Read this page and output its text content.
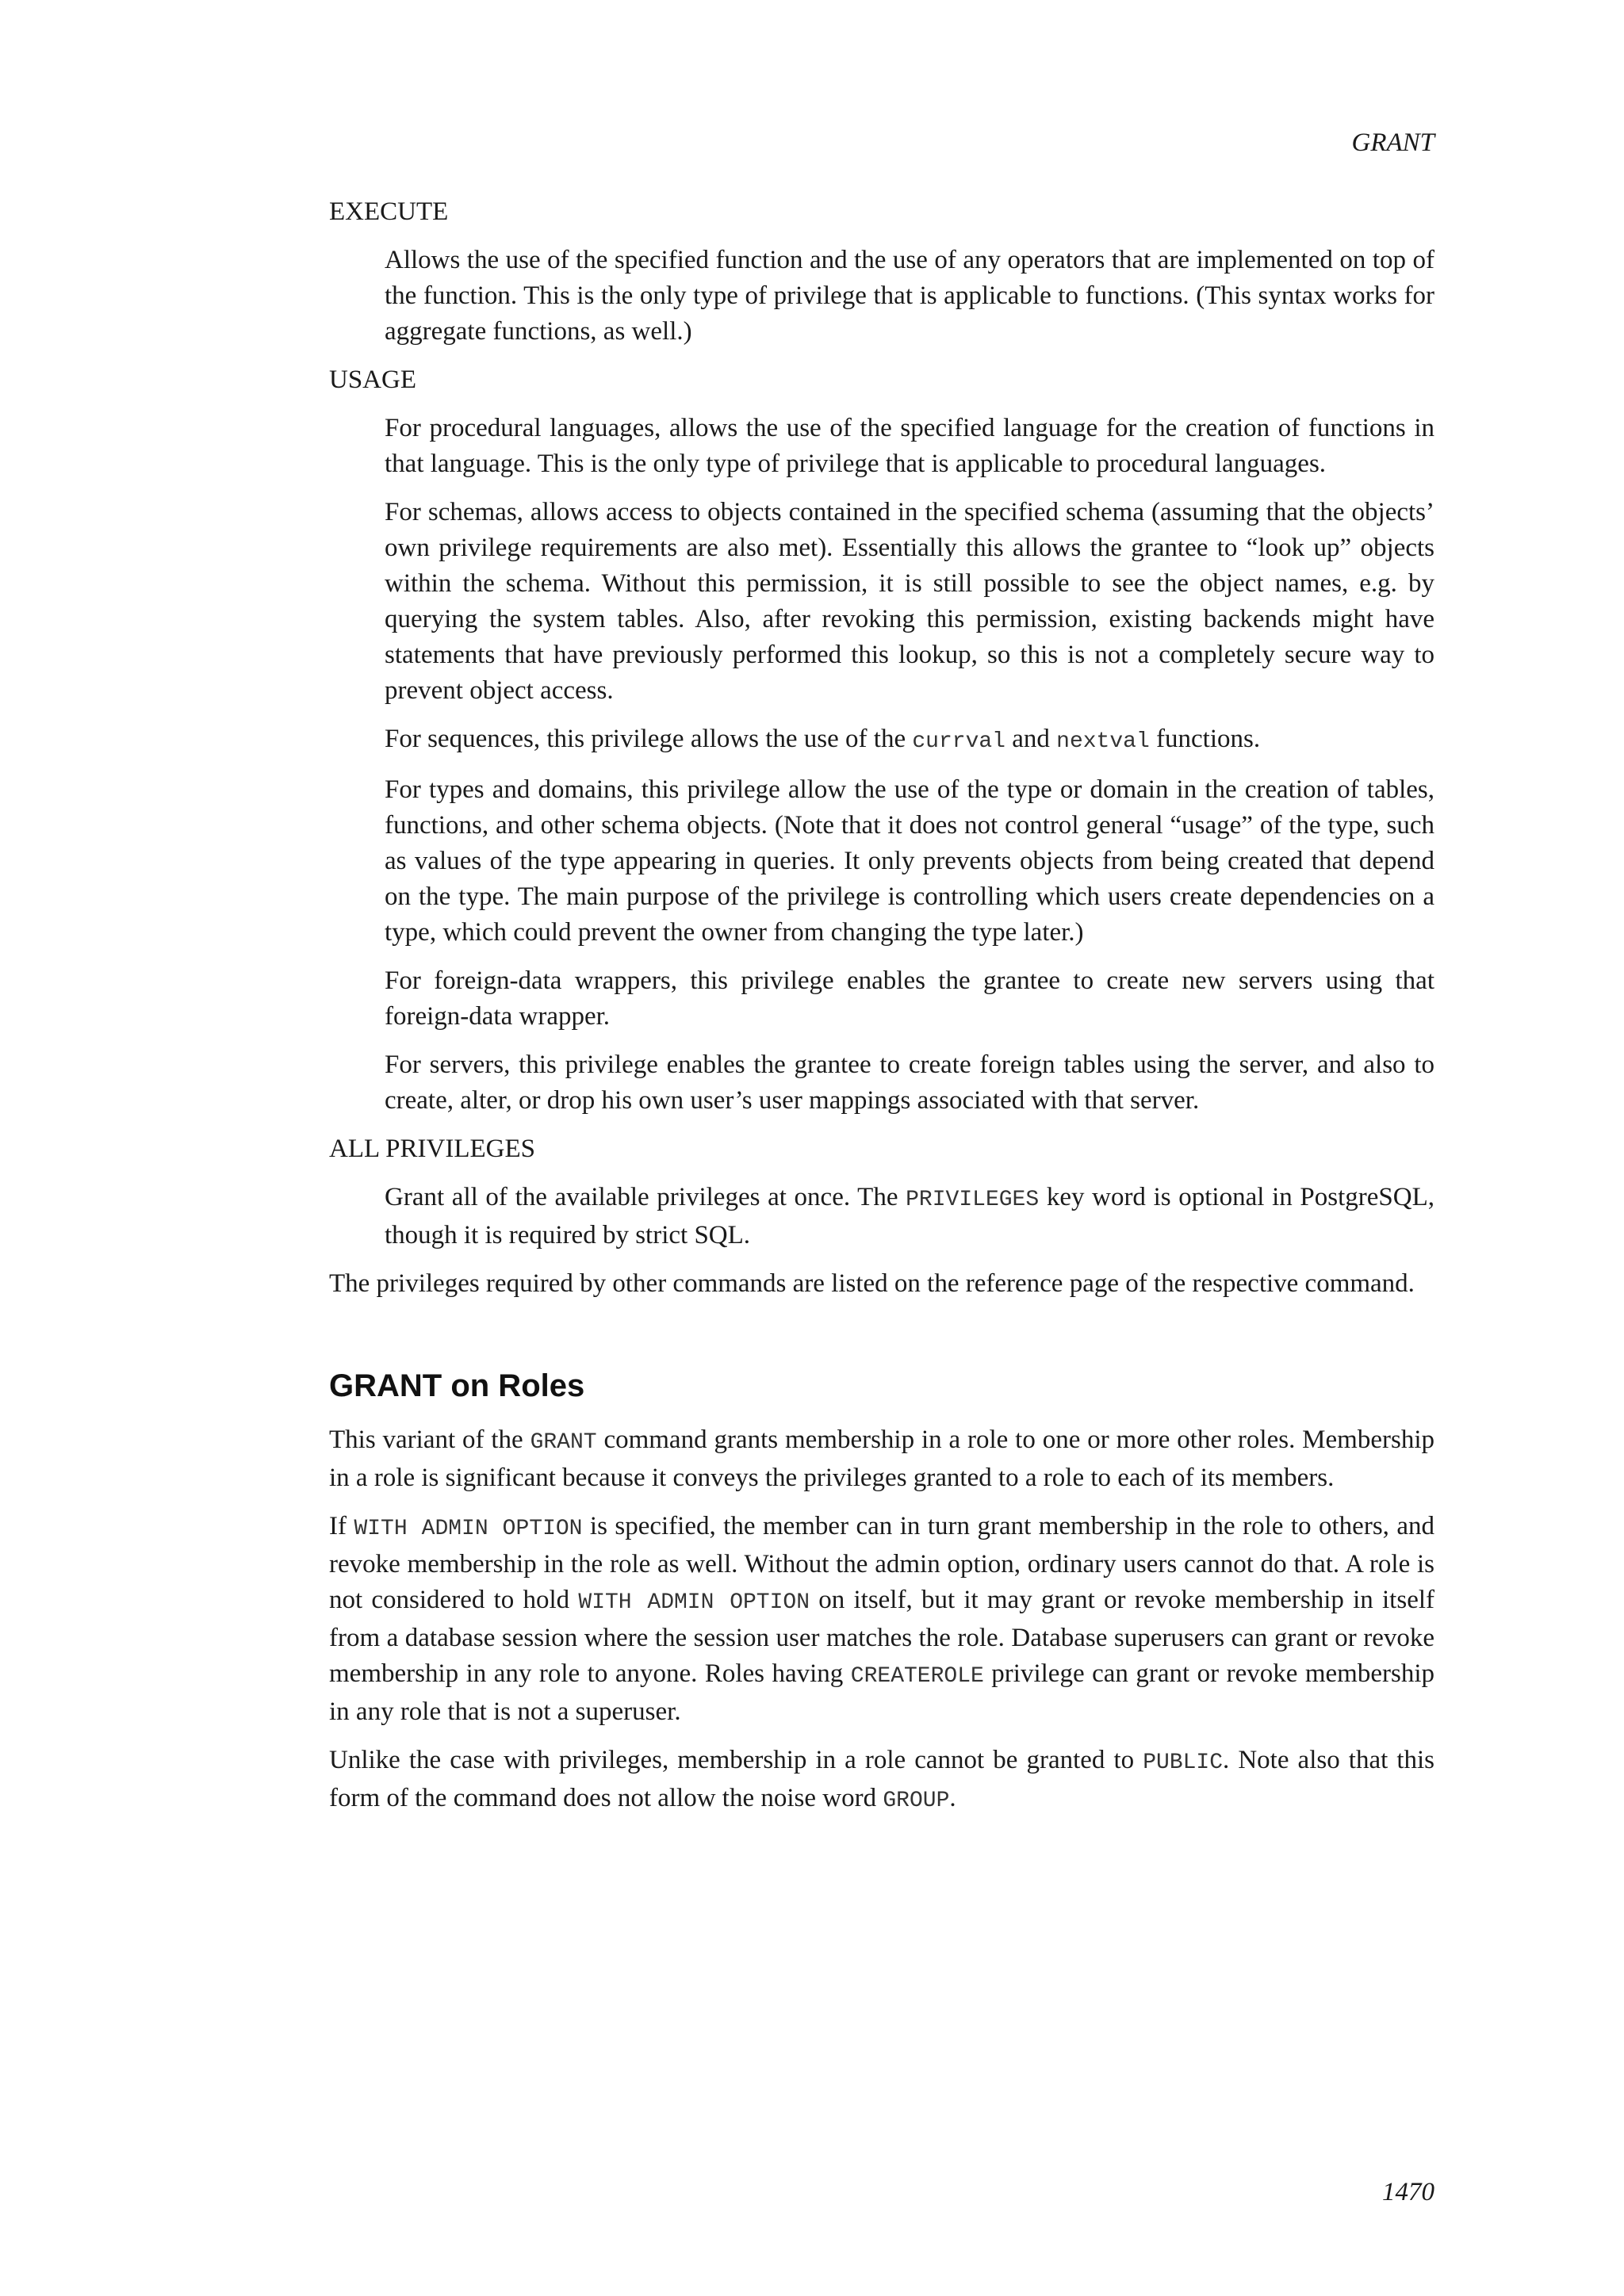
GRANT
EXECUTE

Allows the use of the specified function and the use of any operators that are implemented on top of the function. This is the only type of privilege that is applicable to functions. (This syntax works for aggregate functions, as well.)

USAGE

For procedural languages, allows the use of the specified language for the creation of functions in that language. This is the only type of privilege that is applicable to procedural languages.

For schemas, allows access to objects contained in the specified schema (assuming that the objects’ own privilege requirements are also met). Essentially this allows the grantee to “look up” objects within the schema. Without this permission, it is still possible to see the object names, e.g. by querying the system tables. Also, after revoking this permission, existing backends might have statements that have previously performed this lookup, so this is not a completely secure way to prevent object access.

For sequences, this privilege allows the use of the currval and nextval functions.

For types and domains, this privilege allow the use of the type or domain in the creation of tables, functions, and other schema objects. (Note that it does not control general “usage” of the type, such as values of the type appearing in queries. It only prevents objects from being created that depend on the type. The main purpose of the privilege is controlling which users create dependencies on a type, which could prevent the owner from changing the type later.)

For foreign-data wrappers, this privilege enables the grantee to create new servers using that foreign-data wrapper.

For servers, this privilege enables the grantee to create foreign tables using the server, and also to create, alter, or drop his own user’s user mappings associated with that server.

ALL PRIVILEGES

Grant all of the available privileges at once. The PRIVILEGES key word is optional in PostgreSQL, though it is required by strict SQL.

The privileges required by other commands are listed on the reference page of the respective command.

GRANT on Roles

This variant of the GRANT command grants membership in a role to one or more other roles. Membership in a role is significant because it conveys the privileges granted to a role to each of its members.

If WITH ADMIN OPTION is specified, the member can in turn grant membership in the role to others, and revoke membership in the role as well. Without the admin option, ordinary users cannot do that. A role is not considered to hold WITH ADMIN OPTION on itself, but it may grant or revoke membership in itself from a database session where the session user matches the role. Database superusers can grant or revoke membership in any role to anyone. Roles having CREATEROLE privilege can grant or revoke membership in any role that is not a superuser.

Unlike the case with privileges, membership in a role cannot be granted to PUBLIC. Note also that this form of the command does not allow the noise word GROUP.

1470
